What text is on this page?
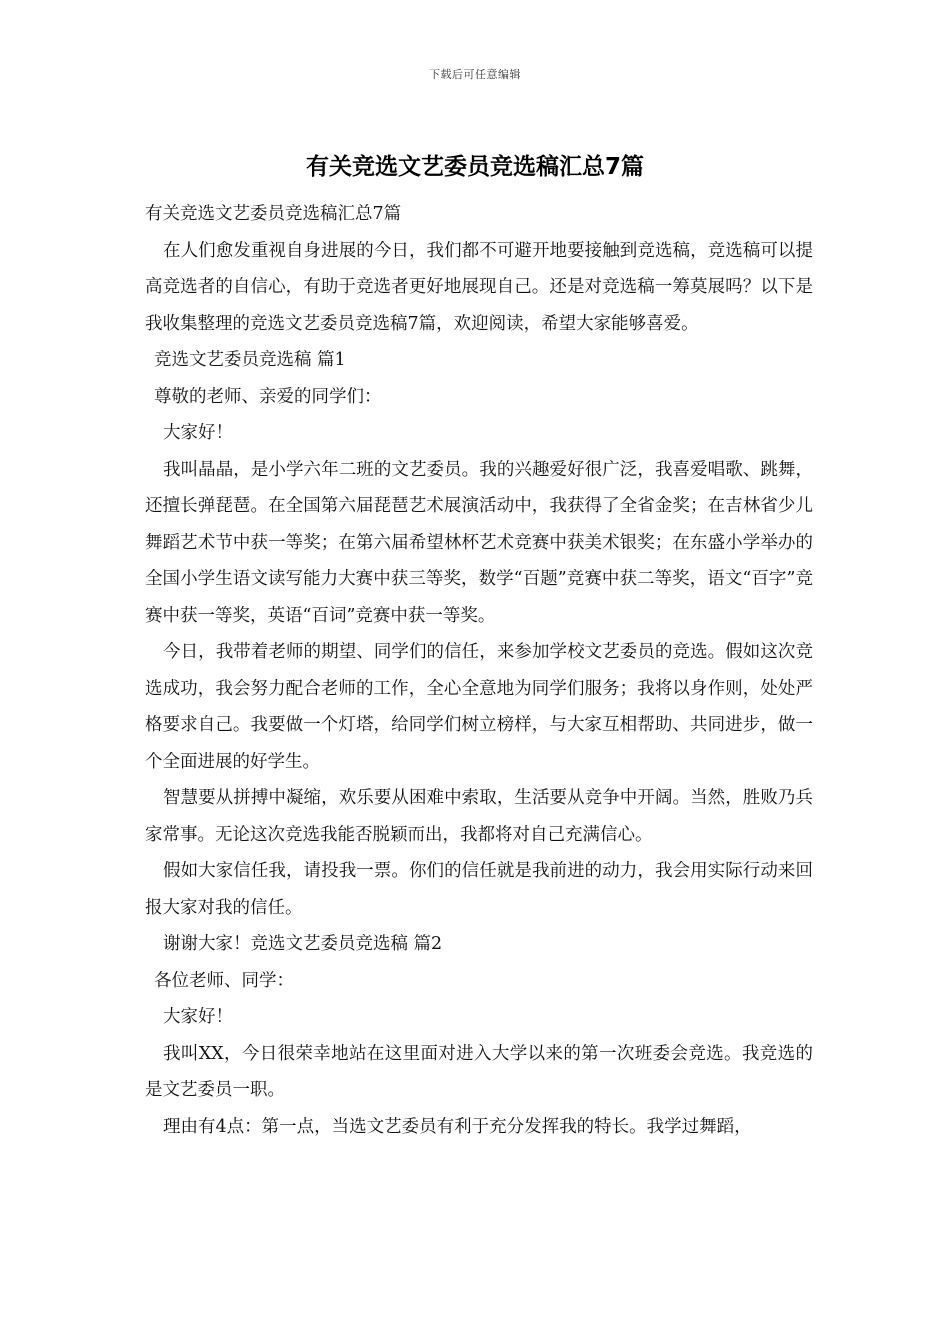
下载后可任意编辑
有关竞选文艺委员竞选稿汇总7篇

有关竞选文艺委员竞选稿汇总7篇

在人们愈发重视自身进展的今日，我们都不可避开地要接触到竞选稿，竞选稿可以提高竞选者的自信心，有助于竞选者更好地展现自己。还是对竞选稿一筹莫展吗？以下是我收集整理的竞选文艺委员竞选稿7篇，欢迎阅读，希望大家能够喜爱。

竞选文艺委员竞选稿 篇1

尊敬的老师、亲爱的同学们：

大家好！

我叫晶晶，是小学六年二班的文艺委员。我的兴趣爱好很广泛，我喜爱唱歌、跳舞，还擅长弹琵琶。在全国第六届琵琶艺术展演活动中，我获得了全省金奖；在吉林省少儿舞蹈艺术节中获一等奖；在第六届希望林杯艺术竞赛中获美术银奖；在东盛小学举办的全国小学生语文读写能力大赛中获三等奖，数学“百题”竞赛中获二等奖，语文“百字”竞赛中获一等奖，英语“百词”竞赛中获一等奖。

今日，我带着老师的期望、同学们的信任，来参加学校文艺委员的竞选。假如这次竞选成功，我会努力配合老师的工作，全心全意地为同学们服务；我将以身作则，处处严格要求自己。我要做一个灯塔，给同学们树立榜样，与大家互相帮助、共同进步，做一个全面进展的好学生。

智慧要从拼搏中凝缩，欢乐要从困难中索取，生活要从竞争中开阔。当然，胜败乃兵家常事。无论这次竞选我能否脱颖而出，我都将对自己充满信心。

假如大家信任我，请投我一票。你们的信任就是我前进的动力，我会用实际行动来回报大家对我的信任。

谢谢大家！竞选文艺委员竞选稿 篇2

各位老师、同学：

大家好！

我叫XX，今日很荣幸地站在这里面对进入大学以来的第一次班委会竞选。我竞选的是文艺委员一职。

理由有4点：第一点，当选文艺委员有利于充分发挥我的特长。我学过舞蹈，
